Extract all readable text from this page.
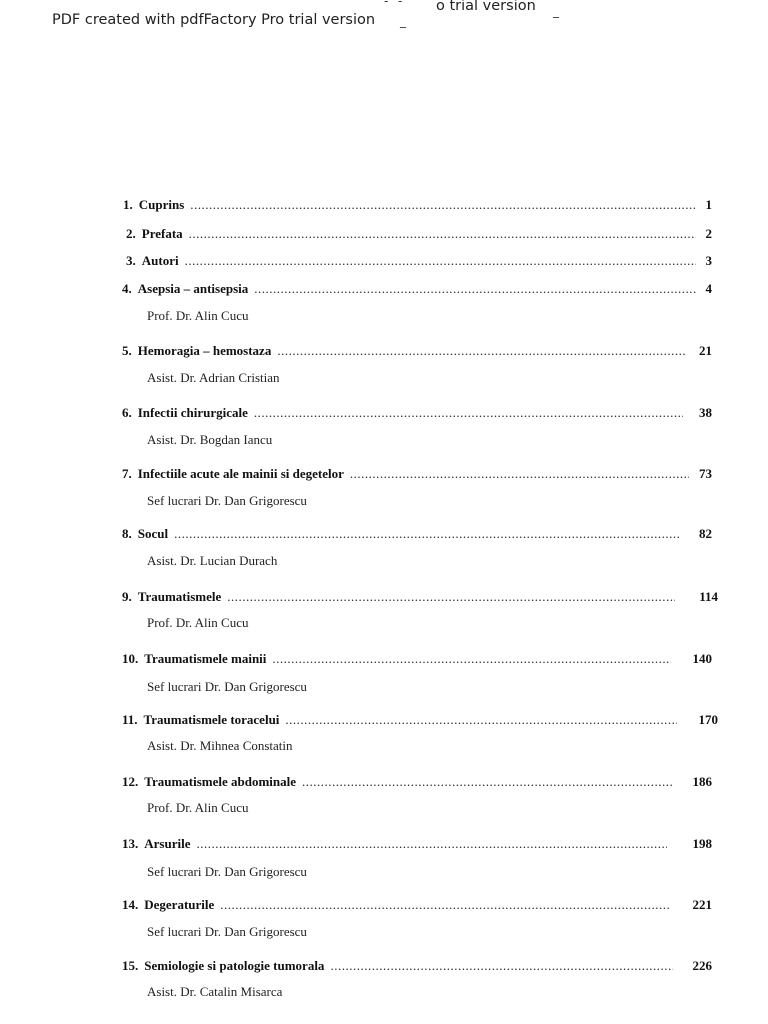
PDF created with pdfFactory Pro trial version
o trial version
- -
_
_
1. Cuprins .....	1
2. Prefata .....	2
3. Autori .....	3
4. Asepsia – antisepsia .....	4
Prof. Dr. Alin Cucu
5. Hemoragia – hemostaza .....	21
Asist. Dr. Adrian Cristian
6. Infectii chirurgicale .....	38
Asist. Dr. Bogdan Iancu
7. Infectiile acute ale mainii si degetelor .....	73
Sef lucrari Dr. Dan Grigorescu
8. Socul .....	82
Asist. Dr. Lucian Durach
9. Traumatismele .....	114
Prof. Dr. Alin Cucu
10. Traumatismele mainii .....	140
Sef lucrari Dr. Dan Grigorescu
11. Traumatismele toracelui .....	170
Asist. Dr. Mihnea Constatin
12. Traumatismele abdominale .....	186
Prof. Dr. Alin Cucu
13. Arsurile .....	198
Sef lucrari Dr. Dan Grigorescu
14. Degeraturile .....	221
Sef lucrari Dr. Dan Grigorescu
15. Semiologie si patologie tumorala .....	226
Asist. Dr. Catalin Misarca
